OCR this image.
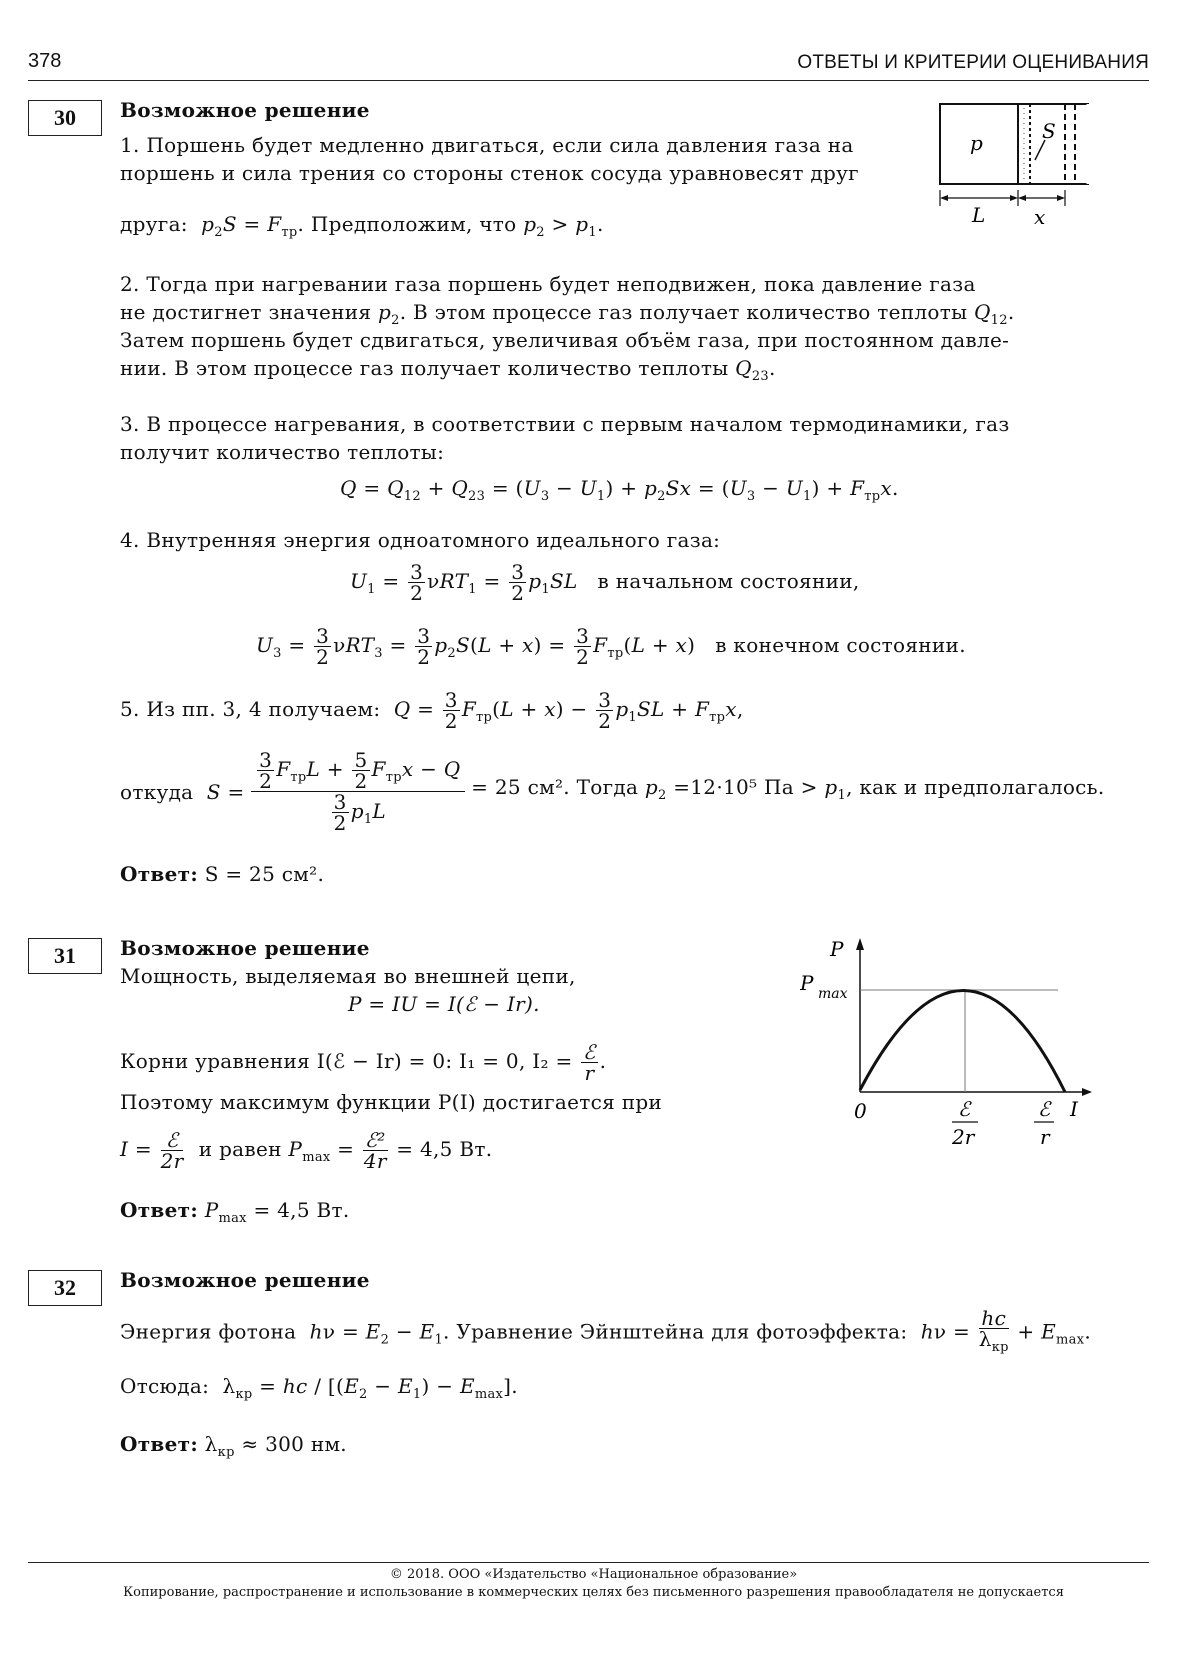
378	ОТВЕТЫ И КРИТЕРИИ ОЦЕНИВАНИЯ
30	Возможное решение
1. Поршень будет медленно двигаться, если сила давления газа на
поршень и сила трения со стороны стенок сосуда уравновесят друг
друга: $p_2S = F_{тр}$. Предположим, что $p_2 > p_1$.
p	S
L x
2. Тогда при нагревании газа поршень будет неподвижен, пока давление газа
не достигнет значения $p_2$. В этом процессе газ получает количество теплоты $Q_{12}$.
Затем поршень будет сдвигаться, увеличивая объём газа, при постоянном давле-
нии. В этом процессе газ получает количество теплоты $Q_{23}$.
3. В процессе нагревания, в соответствии с первым началом термодинамики, газ
получит количество теплоты:
$Q = Q_{12} + Q_{23} = (U_3 - U_1) + p_2Sx = (U_3 - U_1) + F_{тр}x$.
4. Внутренняя энергия одноатомного идеального газа:
$U_1 = \frac{3}{2} \nu RT_1 = \frac{3}{2} p_1SL$ в начальном состоянии,
$U_3 = \frac{3}{2} \nu RT_3 = \frac{3}{2} p_2S(L + x) = \frac{3}{2} F_{тр}(L + x)$   в конечном состоянии.
5. Из пп. 3, 4 получаем: $Q = \frac{3}{2} F_{тр}(L + x) - \frac{3}{2} p_1SL + F_{тр}x$,
откуда S =
$\frac{3}{2} F_{тр}L + \frac{5}{2} F_{тр}x - Q$
$\frac{3}{2} p_1L$
= 25 см². Тогда $p_2 =12\cdot 10^5$ Па > $p_1$, как и предполагалось.
Ответ: S = 25 см².
31	Возможное решение
Мощность, выделяемая во внешней цепи,
P = IU = I(ℰ − Ir).
Корни уравнения I(ℰ − Ir) = 0: I₁ = 0, $I_2 = \frac{\text{ℰ}}{r}$ .
Поэтому максимум функции P(I) достигается при
$I = \frac{\text{ℰ}}{2r}$ и равен $P_{max} = \frac{\text{ℰ²}}{4r} = 4,5$ Вт.
Ответ: $P_{max} = 4,5$ Вт.
P
P max
0	ℰ
2r
ℰ
r
I
32	Возможное решение
Энергия фотона $h\nu = E_2 - E_1$. Уравнение Эйнштейна для фотоэффекта: $h\nu = \frac{hc}{\lambda_{кр}} + E_{max}$.
Отсюда:  $\lambda_{кр}$ = hc / $[(E_2 - E_1) - E_{max}]$.
Ответ: $\lambda_{кр} \approx 300$ нм.
© 2018. ООО «Издательство «Национальное образование»
Копирование, распространение и использование в коммерческих целях без письменного разрешения правообладателя не допускается
